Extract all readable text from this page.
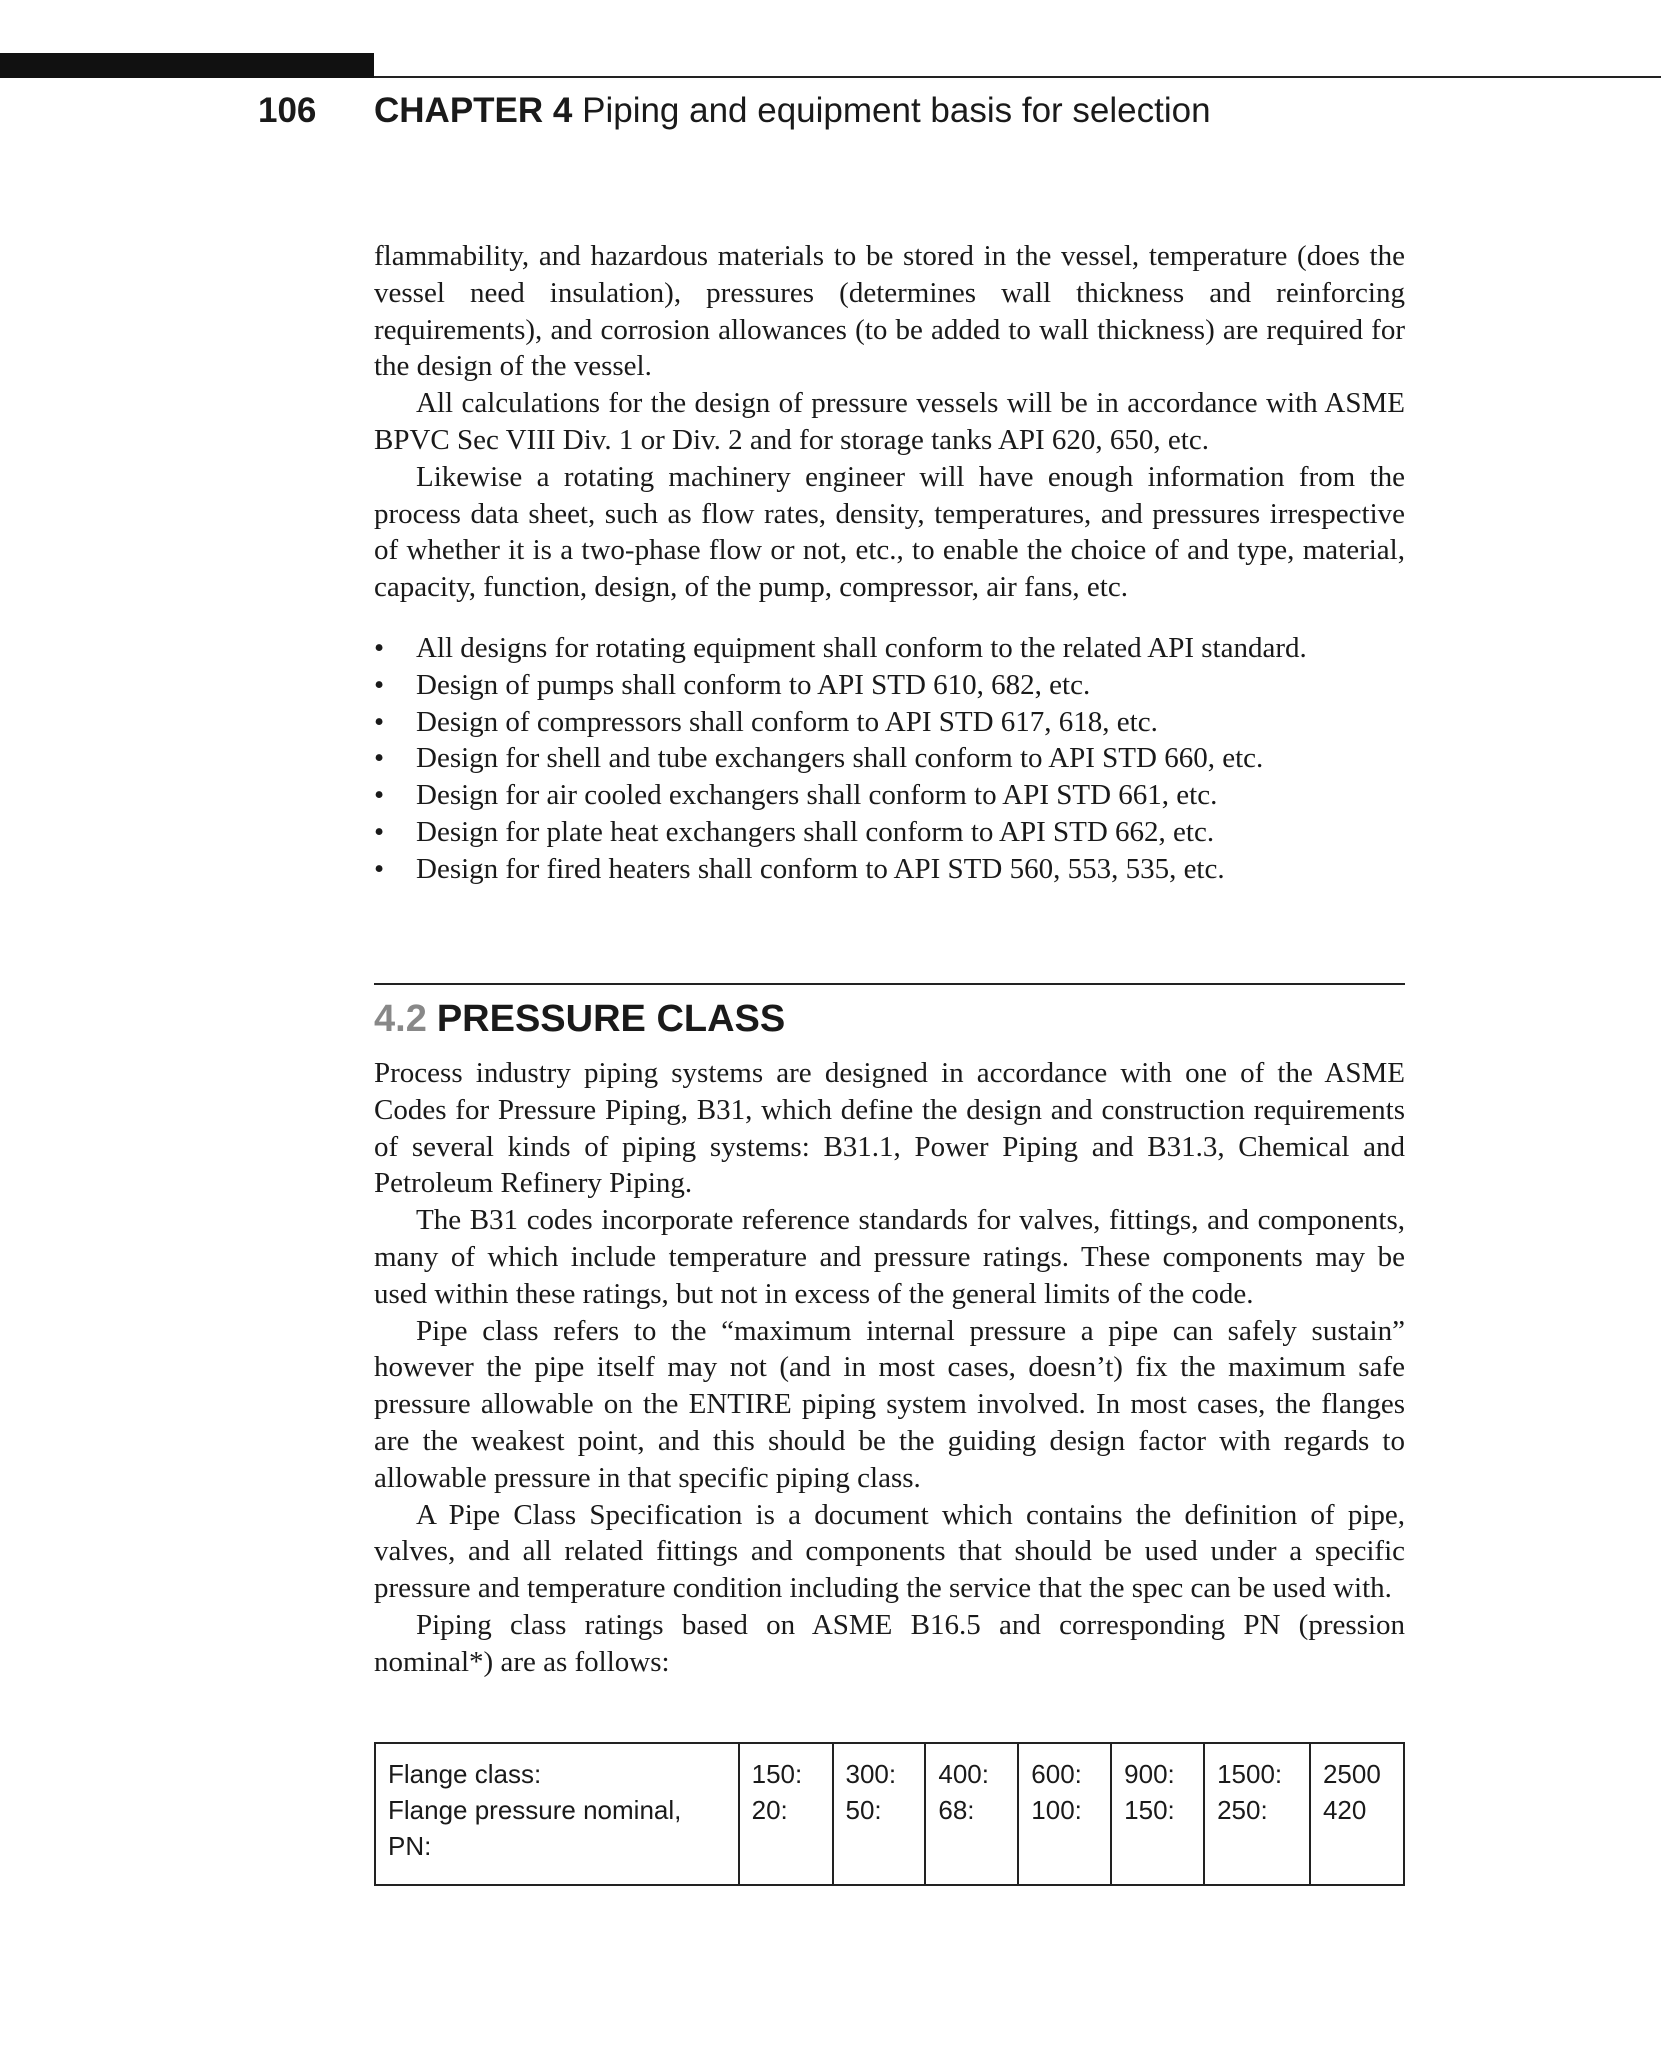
106 CHAPTER 4 Piping and equipment basis for selection

flammability, and hazardous materials to be stored in the vessel, temperature (does the vessel need insulation), pressures (determines wall thickness and reinforcing requirements), and corrosion allowances (to be added to wall thickness) are required for the design of the vessel.

All calculations for the design of pressure vessels will be in accordance with ASME BPVC Sec VIII Div. 1 or Div. 2 and for storage tanks API 620, 650, etc.

Likewise a rotating machinery engineer will have enough information from the process data sheet, such as flow rates, density, temperatures, and pressures irrespective of whether it is a two-phase flow or not, etc., to enable the choice of and type, material, capacity, function, design, of the pump, compressor, air fans, etc.

• All designs for rotating equipment shall conform to the related API standard.
• Design of pumps shall conform to API STD 610, 682, etc.
• Design of compressors shall conform to API STD 617, 618, etc.
• Design for shell and tube exchangers shall conform to API STD 660, etc.
• Design for air cooled exchangers shall conform to API STD 661, etc.
• Design for plate heat exchangers shall conform to API STD 662, etc.
• Design for fired heaters shall conform to API STD 560, 553, 535, etc.
4.2 PRESSURE CLASS

Process industry piping systems are designed in accordance with one of the ASME Codes for Pressure Piping, B31, which define the design and construction requirements of several kinds of piping systems: B31.1, Power Piping and B31.3, Chemical and Petroleum Refinery Piping.

The B31 codes incorporate reference standards for valves, fittings, and components, many of which include temperature and pressure ratings. These components may be used within these ratings, but not in excess of the general limits of the code.

Pipe class refers to the “maximum internal pressure a pipe can safely sustain” however the pipe itself may not (and in most cases, doesn’t) fix the maximum safe pressure allowable on the ENTIRE piping system involved. In most cases, the flanges are the weakest point, and this should be the guiding design factor with regards to allowable pressure in that specific piping class.

A Pipe Class Specification is a document which contains the definition of pipe, valves, and all related fittings and components that should be used under a specific pressure and temperature condition including the service that the spec can be used with.

Piping class ratings based on ASME B16.5 and corresponding PN (pression nominal*) are as follows:

Flange class:	150:	300:	400:	600:	900:	1500:	2500
Flange pressure nominal, PN:	20:	50:	68:	100:	150:	250:	420
